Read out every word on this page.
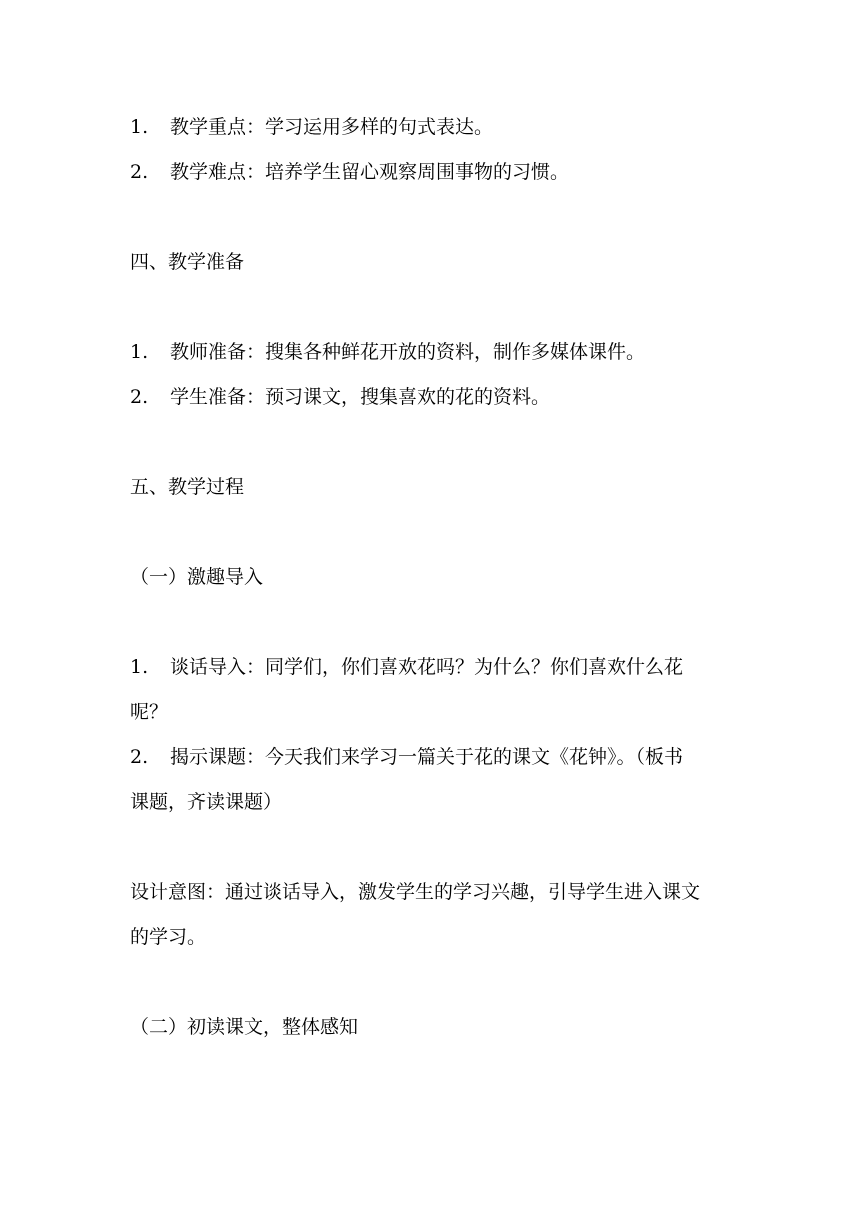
1. 教学重点：学习运用多样的句式表达。
2. 教学难点：培养学生留心观察周围事物的习惯。
四、教学准备
1. 教师准备：搜集各种鲜花开放的资料，制作多媒体课件。
2. 学生准备：预习课文，搜集喜欢的花的资料。
五、教学过程
（一）激趣导入
1. 谈话导入：同学们，你们喜欢花吗？为什么？你们喜欢什么花
呢？
2. 揭示课题：今天我们来学习一篇关于花的课文《花钟》。（板书
课题，齐读课题）
设计意图：通过谈话导入，激发学生的学习兴趣，引导学生进入课文
的学习。
（二）初读课文，整体感知
